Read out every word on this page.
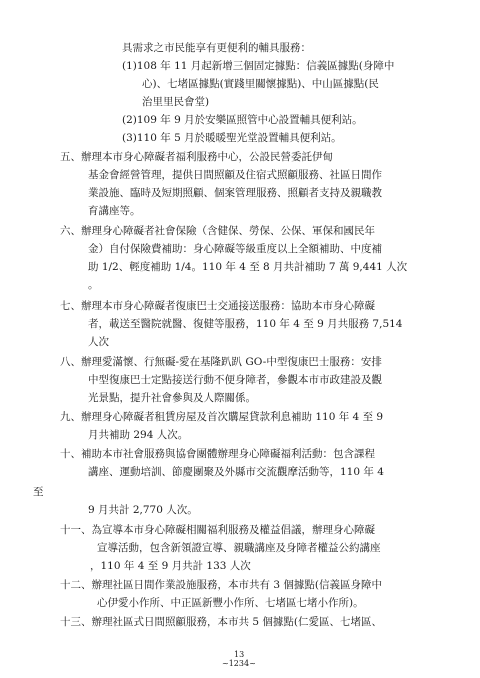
具需求之市民能享有更便利的輔具服務：
(1)108 年 11 月起新增三個固定據點：信義區據點(身障中
心)、七堵區據點(實踐里關懷據點)、中山區據點(民
治里里民會堂)
(2)109 年 9 月於安樂區照管中心設置輔具便利站。
(3)110 年 5 月於暖暖聖光堂設置輔具便利站。
五、辦理本市身心障礙者福利服務中心，公設民營委託伊甸
基金會經營管理，提供日間照顧及住宿式照顧服務、社區日間作
業設施、臨時及短期照顧、個案管理服務、照顧者支持及親職教
育講座等。
六、辦理身心障礙者社會保險（含健保、勞保、公保、軍保和國民年
金）自付保險費補助：身心障礙等級重度以上全額補助、中度補
助 1/2、輕度補助 1/4。110 年 4 至 8 月共計補助 7 萬 9,441 人次
。
七、辦理本市身心障礙者復康巴士交通接送服務：協助本市身心障礙
者，載送至醫院就醫、復健等服務，110 年 4 至 9 月共服務 7,514
人次
八、辦理愛滿懷、行無礙-愛在基隆趴趴 GO-中型復康巴士服務：安排
中型復康巴士定點接送行動不便身障者，參觀本市市政建設及觀
光景點，提升社會參與及人際關係。
九、辦理身心障礙者租賃房屋及首次購屋貸款利息補助 110 年 4 至 9
月共補助 294 人次。
十、補助本市社會服務與協會團體辦理身心障礙福利活動：包含課程
講座、運動培訓、節慶團聚及外縣市交流觀摩活動等，110 年 4
至
9 月共計 2,770 人次。
十一、為宣導本市身心障礙相關福利服務及權益倡議，辦理身心障礙
宣導活動，包含新領證宣導、親職講座及身障者權益公約講座
，110 年 4 至 9 月共計 133 人次
十二、辦理社區日間作業設施服務，本市共有 3 個據點(信義區身障中
心伊愛小作所、中正區新豐小作所、七堵區七堵小作所)。
十三、辦理社區式日間照顧服務，本市共 5 個據點(仁愛區、七堵區、
13
~1234~
